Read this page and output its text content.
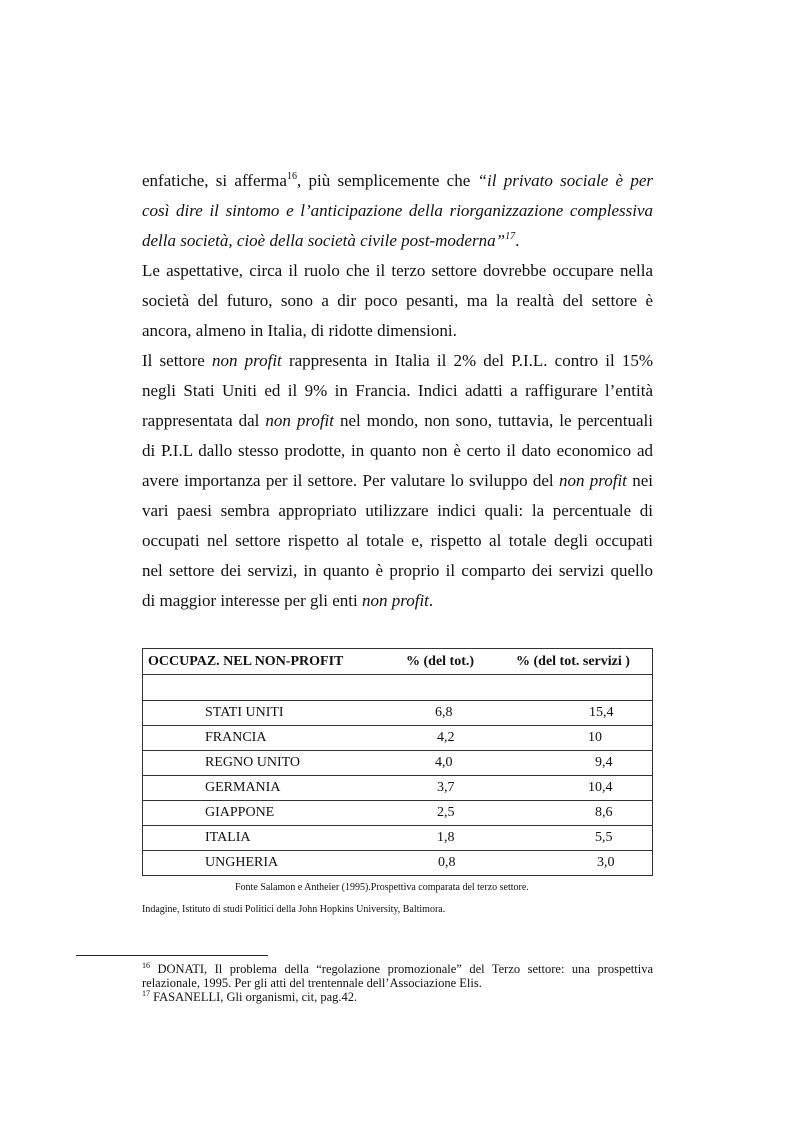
enfatiche, si afferma$^{16}$, più semplicemente che “il privato sociale è per
così dire il sintomo e l’anticipazione della riorganizzazione complessiva
della società, cioè della società civile post-moderna”$^{17}$.
Le aspettative, circa il ruolo che il terzo settore dovrebbe occupare nella
società del futuro, sono a dir poco pesanti, ma la realtà del settore è
ancora, almeno in Italia, di ridotte dimensioni.
Il settore non profit rappresenta in Italia il 2% del P.I.L. contro il 15%
negli Stati Uniti ed il 9% in Francia. Indici adatti a raffigurare l’entità
rappresentata dal non profit nel mondo, non sono, tuttavia, le percentuali
di P.I.L dallo stesso prodotte, in quanto non è certo il dato economico ad
avere importanza per il settore. Per valutare lo sviluppo del non profit nei
vari paesi sembra appropriato utilizzare indici quali: la percentuale di
occupati nel settore rispetto al totale e, rispetto al totale degli occupati
nel settore dei servizi, in quanto è proprio il comparto dei servizi quello
di maggior interesse per gli enti non profit.
OCCUPAZ. NEL NON-PROFIT	% (del tot.)	% (del tot. servizi )

STATI UNITI	6,8	15,4
FRANCIA	4,2	10
REGNO UNITO	4,0	9,4
GERMANIA	3,7	10,4
GIAPPONE	2,5	8,6
ITALIA	1,8	5,5
UNGHERIA	0,8	3,0
Fonte Salamon e Antheier (1995).Prospettiva comparata del terzo settore.
Indagine, Istituto di studi Politici della John Hopkins University, Baltimora.
$^{16}$ DONATI, Il problema della “regolazione promozionale” del Terzo settore: una prospettiva relazionale, 1995. Per gli atti del trentennale dell’Associazione Elis.
$^{17}$ FASANELLI, Gli organismi, cit, pag.42.
